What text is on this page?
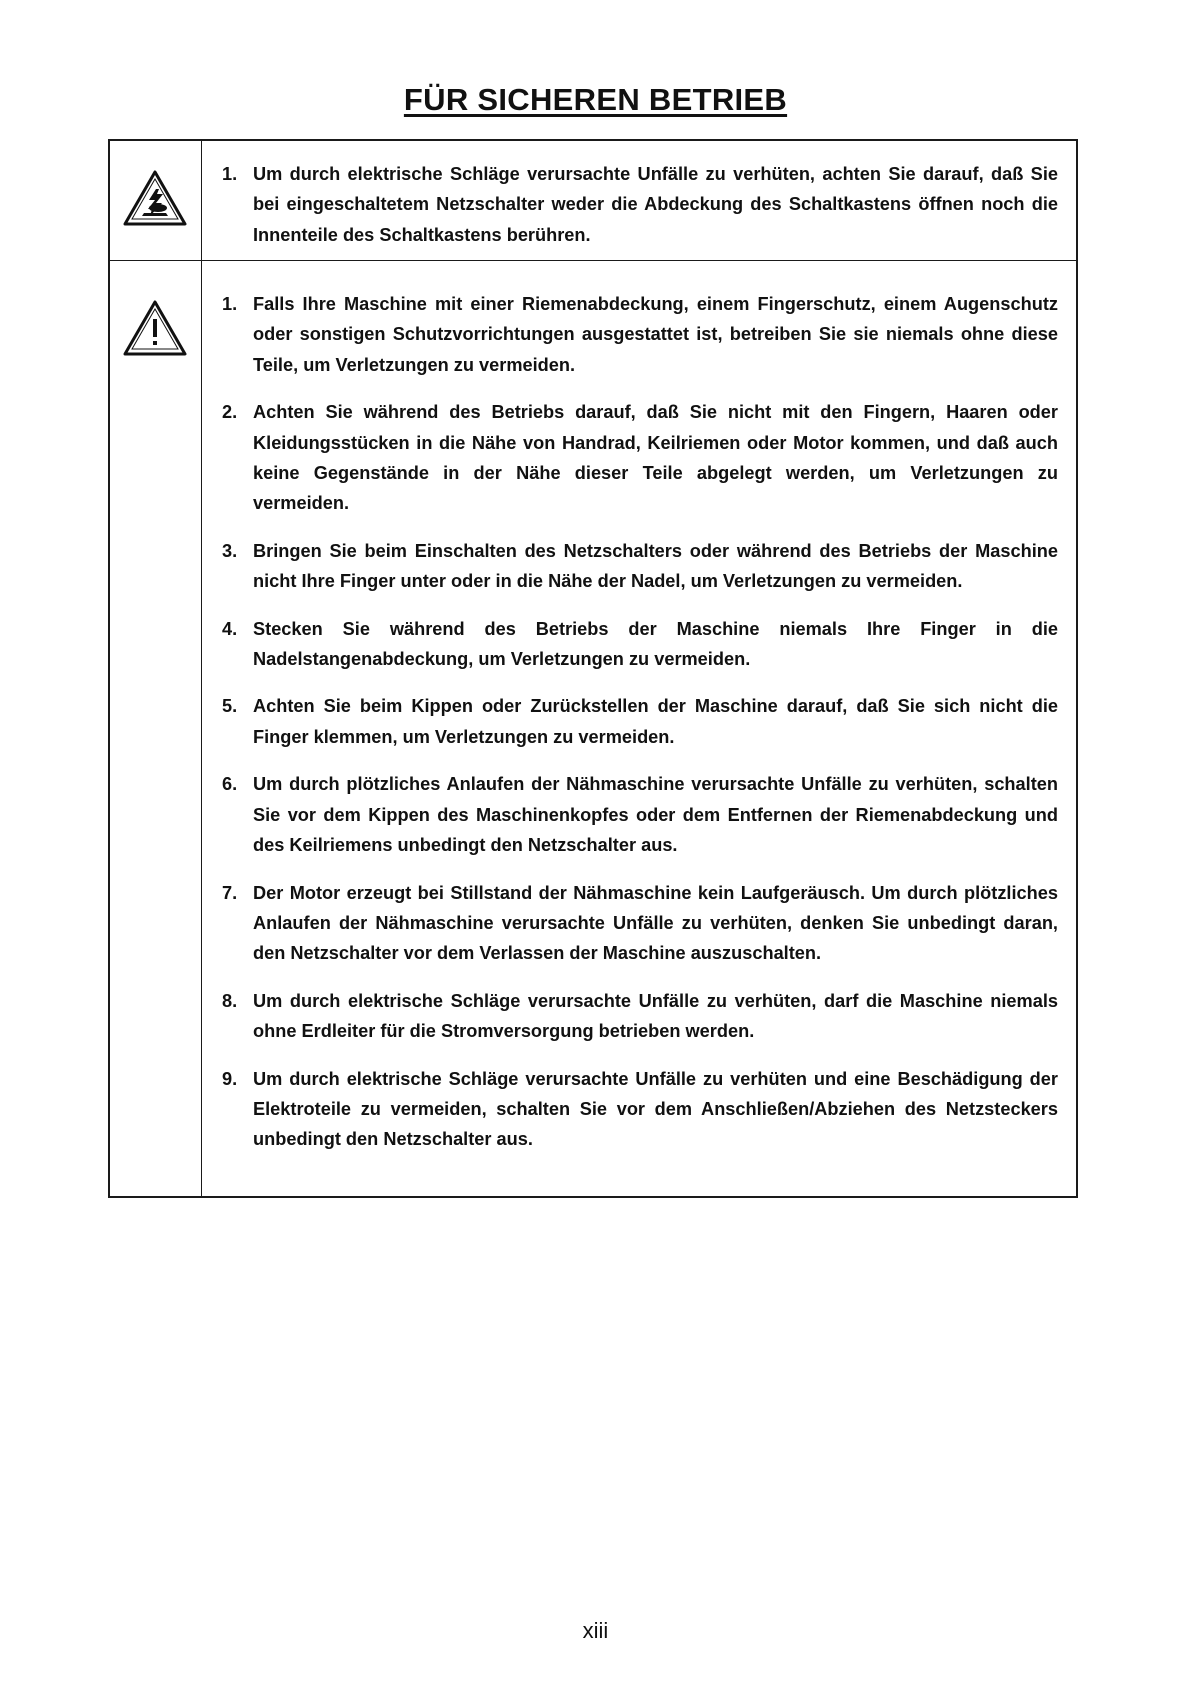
FÜR SICHEREN BETRIEB
1. Um durch elektrische Schläge verursachte Unfälle zu verhüten, achten Sie darauf, daß Sie bei eingeschaltetem Netzschalter weder die Abdeckung des Schaltkastens öffnen noch die Innenteile des Schaltkastens berühren.
1. Falls Ihre Maschine mit einer Riemenabdeckung, einem Fingerschutz, einem Augenschutz oder sonstigen Schutzvorrichtungen ausgestattet ist, betreiben Sie sie niemals ohne diese Teile, um Verletzungen zu vermeiden.
2. Achten Sie während des Betriebs darauf, daß Sie nicht mit den Fingern, Haaren oder Kleidungsstücken in die Nähe von Handrad, Keilriemen oder Motor kommen, und daß auch keine Gegenstände in der Nähe dieser Teile abgelegt werden, um Verletzungen zu vermeiden.
3. Bringen Sie beim Einschalten des Netzschalters oder während des Betriebs der Maschine nicht Ihre Finger unter oder in die Nähe der Nadel, um Verletzungen zu vermeiden.
4. Stecken Sie während des Betriebs der Maschine niemals Ihre Finger in die Nadelstangenabdeckung, um Verletzungen zu vermeiden.
5. Achten Sie beim Kippen oder Zurückstellen der Maschine darauf, daß Sie sich nicht die Finger klemmen, um Verletzungen zu vermeiden.
6. Um durch plötzliches Anlaufen der Nähmaschine verursachte Unfälle zu verhüten, schalten Sie vor dem Kippen des Maschinenkopfes oder dem Entfernen der Riemenabdeckung und des Keilriemens unbedingt den Netzschalter aus.
7. Der Motor erzeugt bei Stillstand der Nähmaschine kein Laufgeräusch. Um durch plötzliches Anlaufen der Nähmaschine verursachte Unfälle zu verhüten, denken Sie unbedingt daran, den Netzschalter vor dem Verlassen der Maschine auszuschalten.
8. Um durch elektrische Schläge verursachte Unfälle zu verhüten, darf die Maschine niemals ohne Erdleiter für die Stromversorgung betrieben werden.
9. Um durch elektrische Schläge verursachte Unfälle zu verhüten und eine Beschädigung der Elektroteile zu vermeiden, schalten Sie vor dem Anschließen/Abziehen des Netzsteckers unbedingt den Netzschalter aus.
xiii
